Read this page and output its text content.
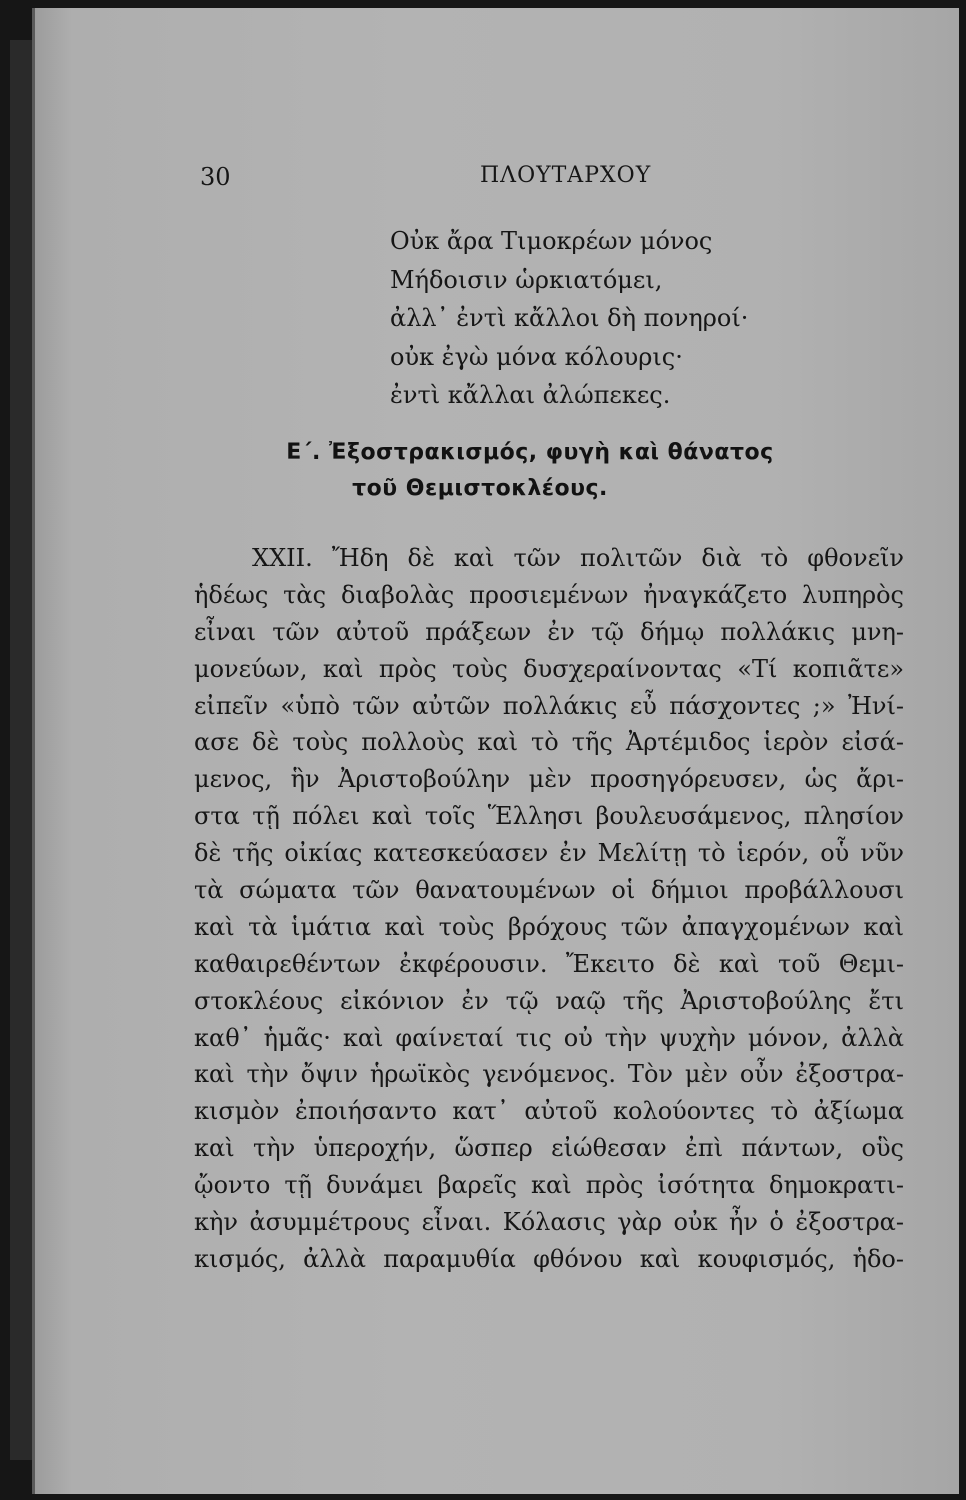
30	ΠΛΟΥΤΑΡΧΟΥ
Οὐκ ἄρα Τιμοκρέων μόνος
Μήδοισιν ὡρκιατόμει,
ἀλλ᾽ ἐντὶ κἄλλοι δὴ πονηροί·
οὐκ ἐγὼ μόνα κόλουρις·
ἐντὶ κἄλλαι ἀλώπεκες.
Ε΄. Ἐξοστρακισμός, φυγὴ καὶ θάνατος
τοῦ Θεμιστοκλέους.
XXII. Ἤδη δὲ καὶ τῶν πολιτῶν διὰ τὸ φθονεῖν
ἡδέως τὰς διαβολὰς προσιεμένων ἠναγκάζετο λυπηρὸς
εἶναι τῶν αὐτοῦ πράξεων ἐν τῷ δήμῳ πολλάκις μνη-
μονεύων, καὶ πρὸς τοὺς δυσχεραίνοντας «Τί κοπιᾶτε»
εἰπεῖν «ὑπὸ τῶν αὐτῶν πολλάκις εὖ πάσχοντες ;» Ἠνί-
ασε δὲ τοὺς πολλοὺς καὶ τὸ τῆς Ἀρτέμιδος ἱερὸν εἰσά-
μενος, ἣν Ἀριστοβούλην μὲν προσηγόρευσεν, ὡς ἄρι-
στα τῇ πόλει καὶ τοῖς Ἕλλησι βουλευσάμενος, πλησίον
δὲ τῆς οἰκίας κατεσκεύασεν ἐν Μελίτῃ τὸ ἱερόν, οὗ νῦν
τὰ σώματα τῶν θανατουμένων οἱ δήμιοι προβάλλουσι
καὶ τὰ ἱμάτια καὶ τοὺς βρόχους τῶν ἀπαγχομένων καὶ
καθαιρεθέντων ἐκφέρουσιν. Ἔκειτο δὲ καὶ τοῦ Θεμι-
στοκλέους εἰκόνιον ἐν τῷ ναῷ τῆς Ἀριστοβούλης ἔτι
καθ᾽ ἡμᾶς· καὶ φαίνεταί τις οὐ τὴν ψυχὴν μόνον, ἀλλὰ
καὶ τὴν ὄψιν ἡρωϊκὸς γενόμενος. Τὸν μὲν οὖν ἐξοστρα-
κισμὸν ἐποιήσαντο κατ᾽ αὐτοῦ κολούοντες τὸ ἀξίωμα
καὶ τὴν ὑπεροχήν, ὥσπερ εἰώθεσαν ἐπὶ πάντων, οὓς
ᾤοντο τῇ δυνάμει βαρεῖς καὶ πρὸς ἰσότητα δημοκρατι-
κὴν ἀσυμμέτρους εἶναι. Κόλασις γὰρ οὐκ ἦν ὁ ἐξοστρα-
κισμός, ἀλλὰ παραμυθία φθόνου καὶ κουφισμός, ἡδο-
